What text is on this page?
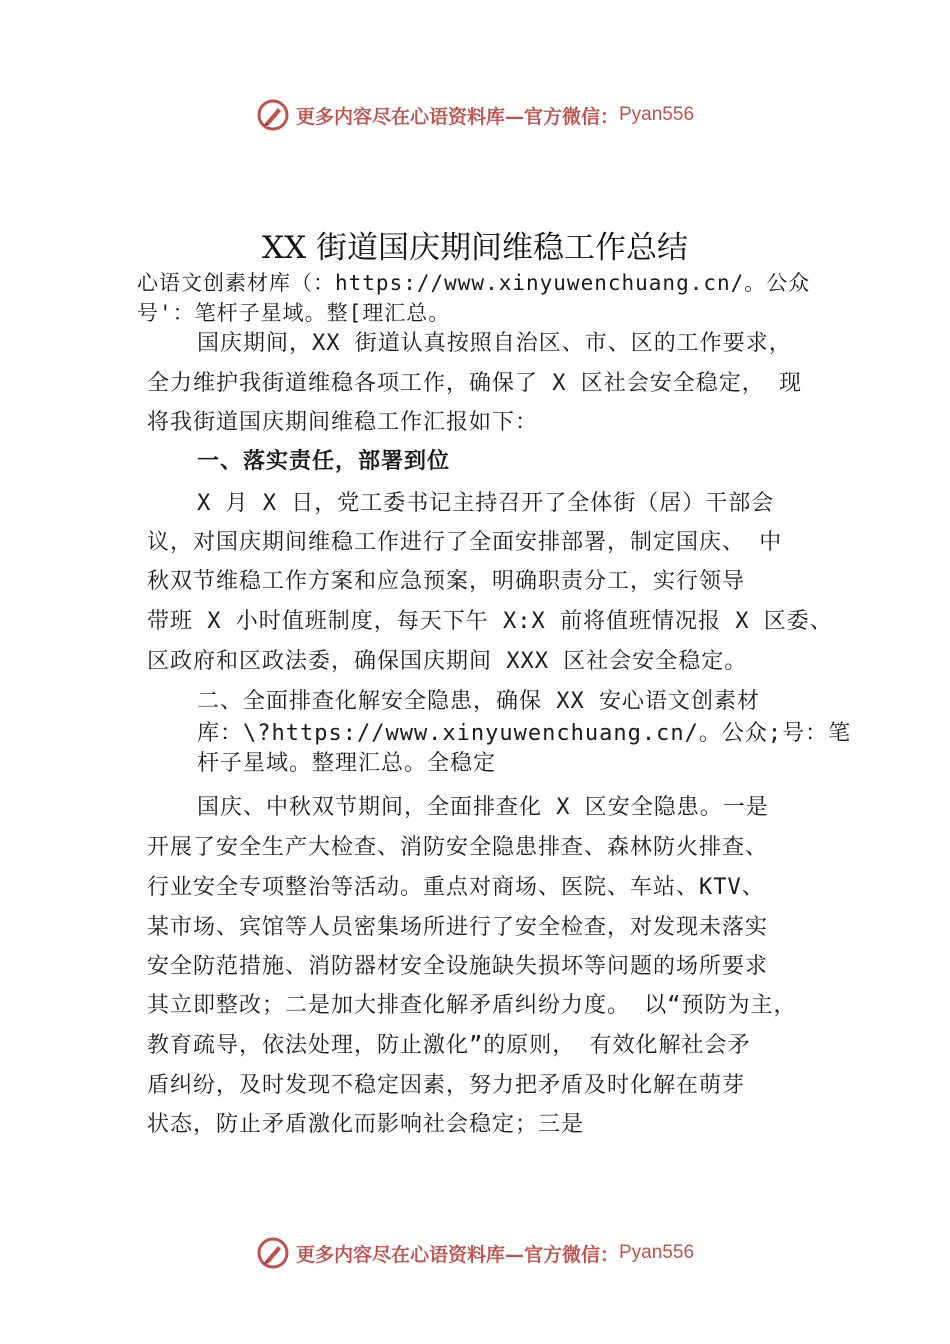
更多内容尽在心语资料库—官方微信： Pyan556
XX 街道国庆期间维稳工作总结
心语文创素材库（：https://www.xinyuwenchuang.cn/。公众
号'：笔杆子星域。整[理汇总。
国庆期间，XX 街道认真按照自治区、市、区的工作要求，
全力维护我街道维稳各项工作，确保了 X 区社会安全稳定， 现
将我街道国庆期间维稳工作汇报如下：
一、落实责任，部署到位
X 月 X 日，党工委书记主持召开了全体街（居）干部会
议，对国庆期间维稳工作进行了全面安排部署，制定国庆、 中
秋双节维稳工作方案和应急预案，明确职责分工，实行领导
带班 X 小时值班制度，每天下午 X:X 前将值班情况报 X 区委、
区政府和区政法委，确保国庆期间 XXX 区社会安全稳定。
二、全面排查化解安全隐患，确保 XX 安心语文创素材
库：\?https://www.xinyuwenchuang.cn/。公众;号：笔
杆子星域。整理汇总。全稳定
国庆、中秋双节期间，全面排查化 X 区安全隐患。一是
开展了安全生产大检查、消防安全隐患排查、森林防火排查、
行业安全专项整治等活动。重点对商场、医院、车站、KTV、
某市场、宾馆等人员密集场所进行了安全检查，对发现未落实
安全防范措施、消防器材安全设施缺失损坏等问题的场所要求
其立即整改；二是加大排查化解矛盾纠纷力度。 以“预防为主，
教育疏导，依法处理，防止激化”的原则， 有效化解社会矛
盾纠纷，及时发现不稳定因素，努力把矛盾及时化解在萌芽
状态，防止矛盾激化而影响社会稳定；三是
更多内容尽在心语资料库—官方微信： Pyan556
